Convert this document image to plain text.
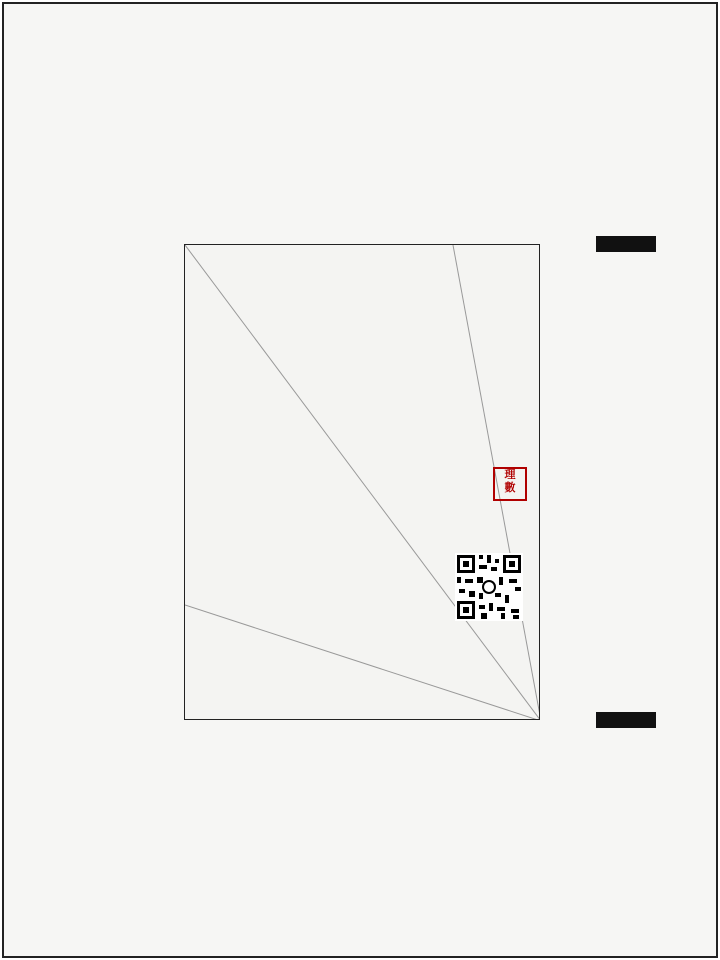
理
數
